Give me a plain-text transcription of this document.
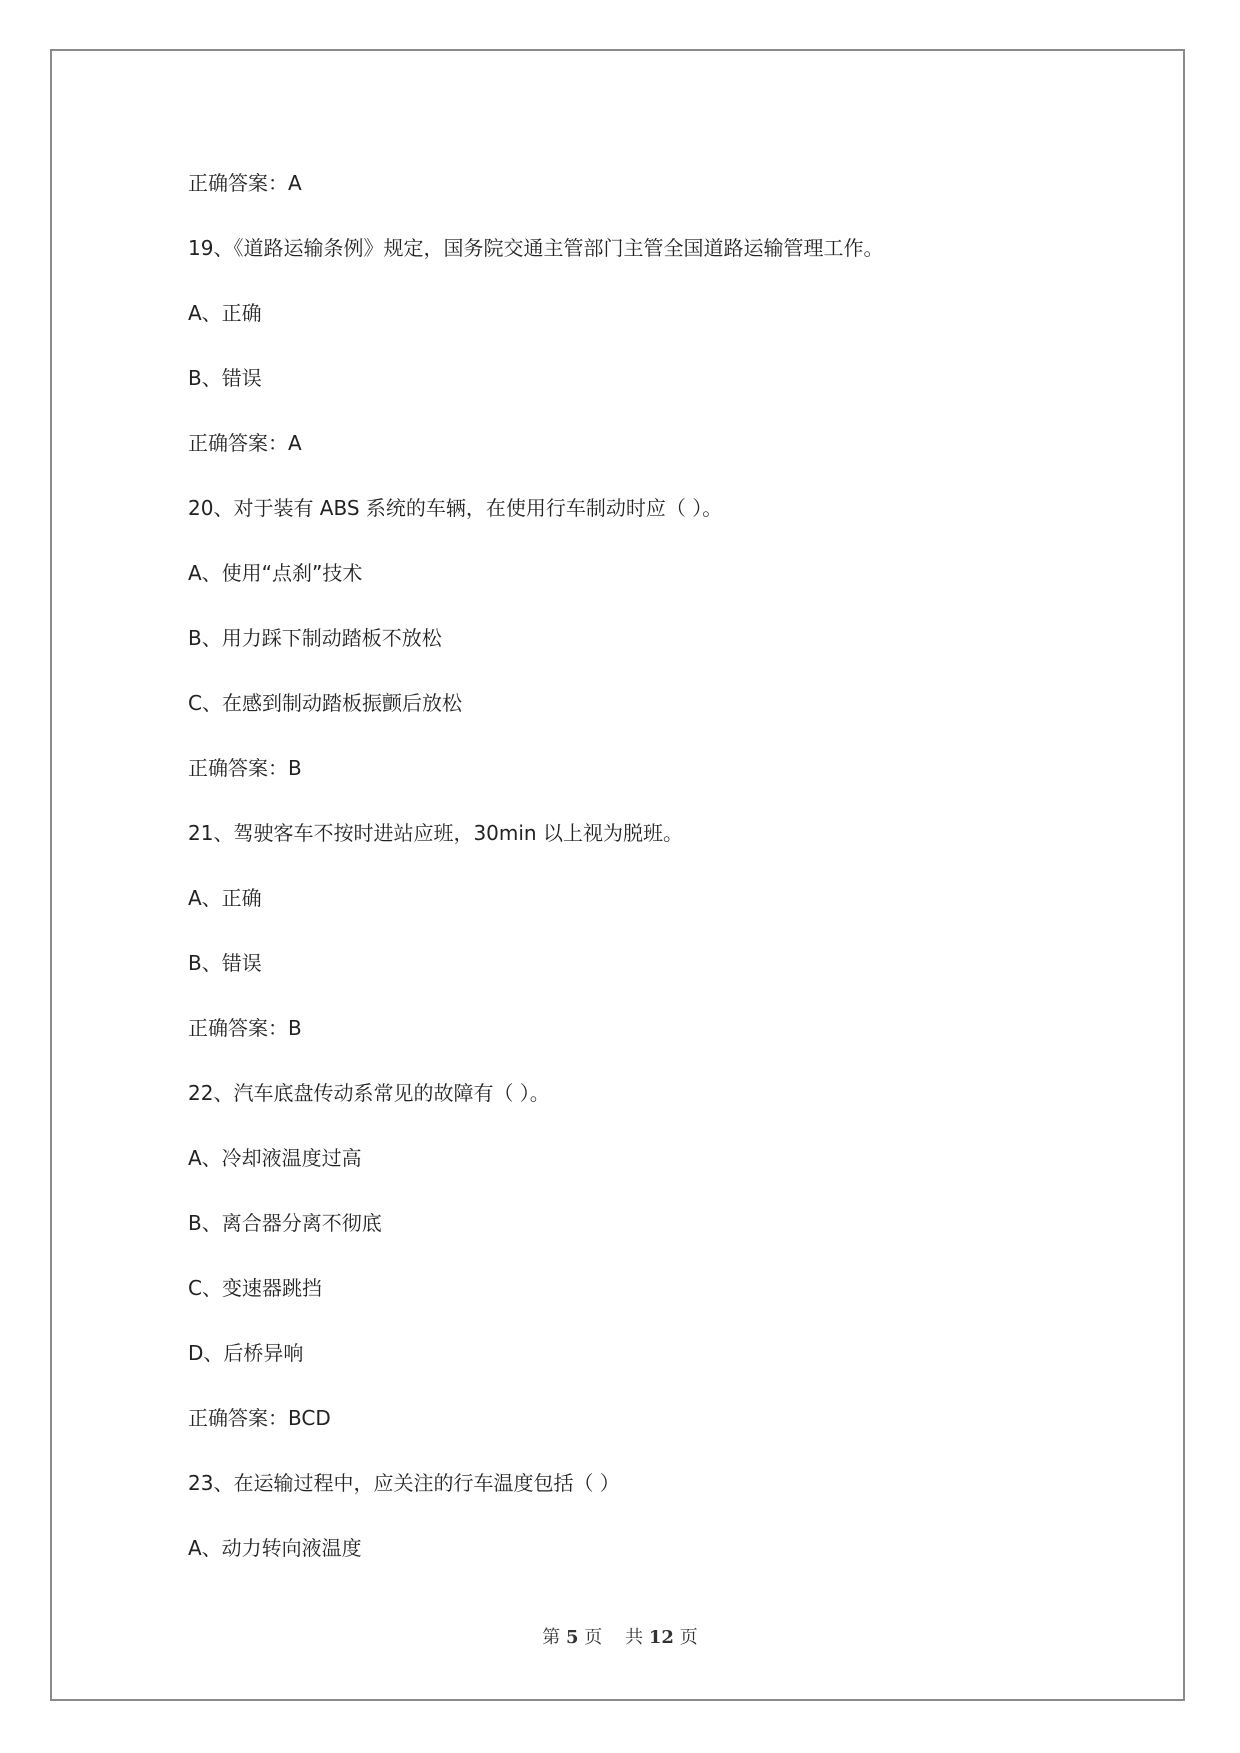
正确答案：A
19、《道路运输条例》规定，国务院交通主管部门主管全国道路运输管理工作。
A、正确
B、错误
正确答案：A
20、对于装有 ABS 系统的车辆，在使用行车制动时应（ ）。
A、使用“点刹”技术
B、用力踩下制动踏板不放松
C、在感到制动踏板振颤后放松
正确答案：B
21、驾驶客车不按时进站应班，30min 以上视为脱班。
A、正确
B、错误
正确答案：B
22、汽车底盘传动系常见的故障有（ ）。
A、冷却液温度过高
B、离合器分离不彻底
C、变速器跳挡
D、后桥异响
正确答案：BCD
23、在运输过程中，应关注的行车温度包括（ ）
A、动力转向液温度
第 5 页    共 12 页
